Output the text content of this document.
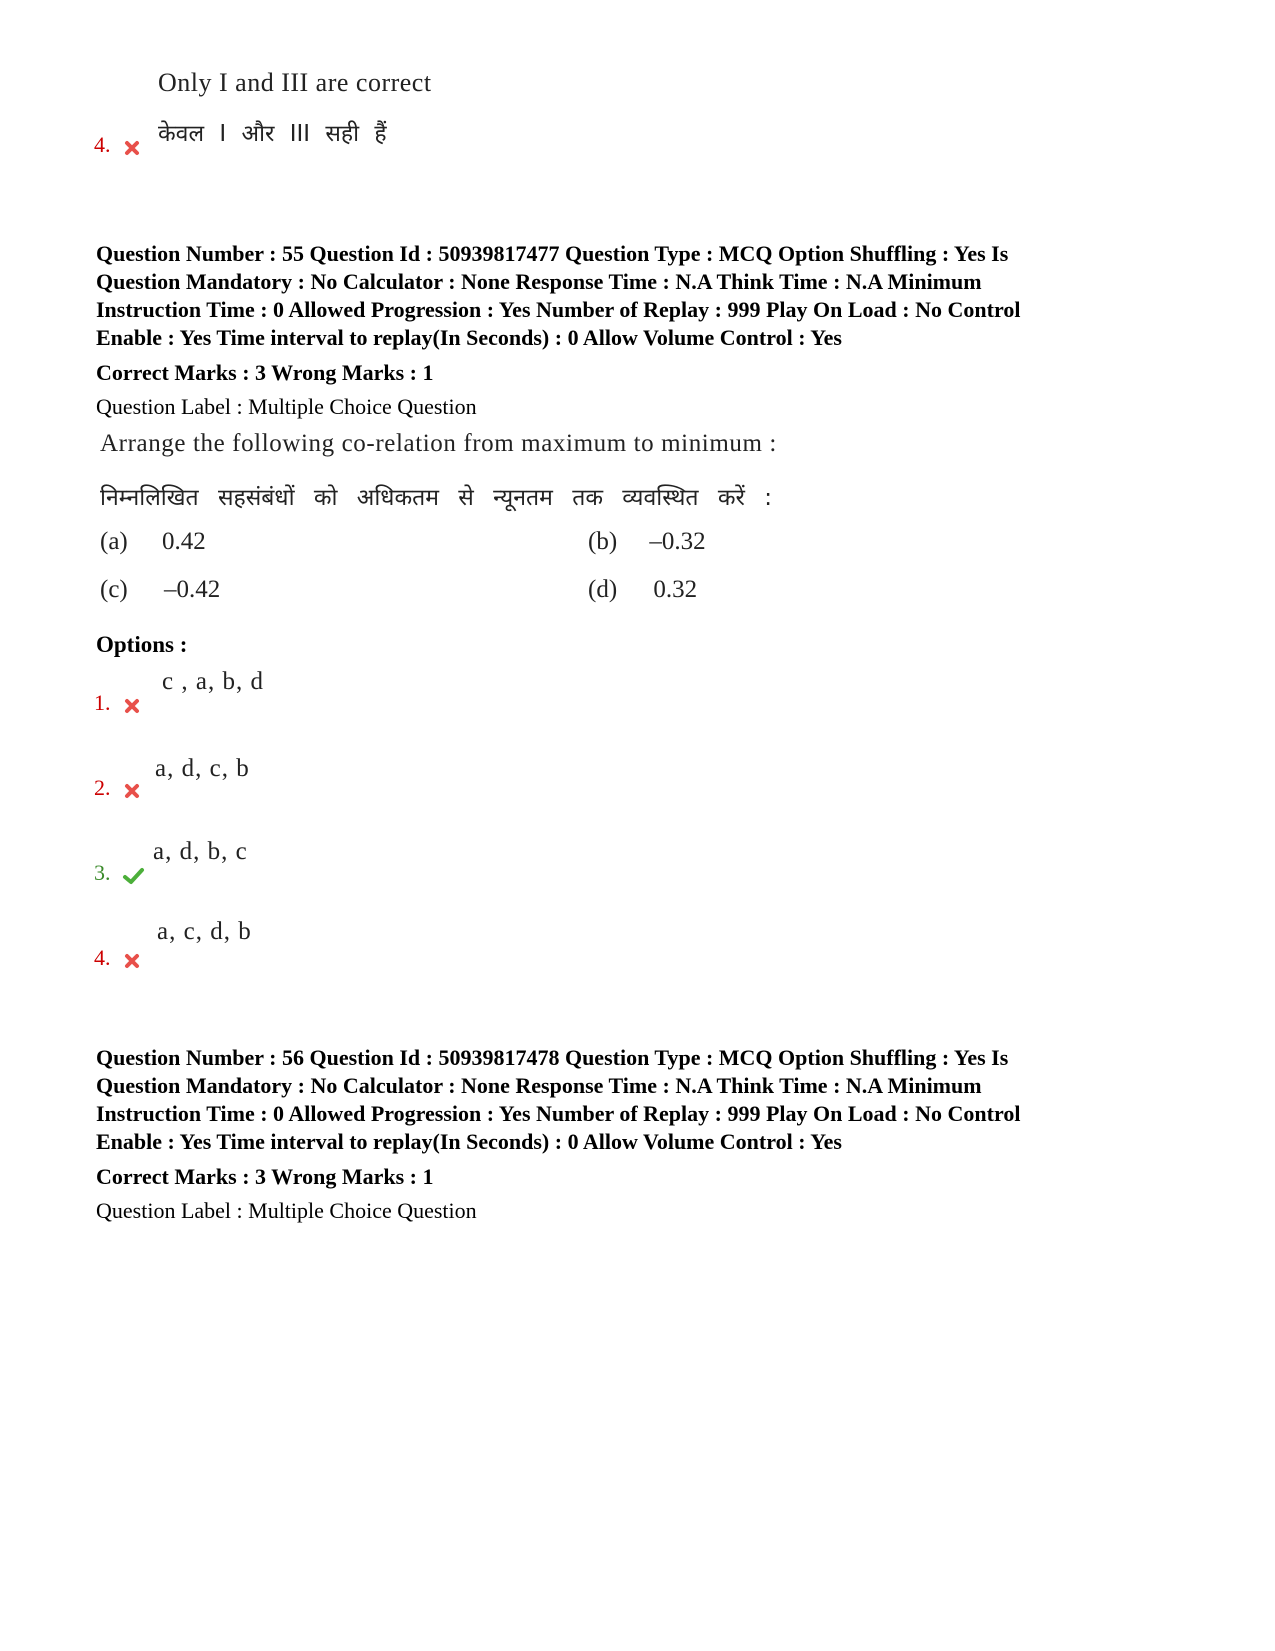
Only I and III are correct
केवल I और III सही हैं
4.
Question Number : 55 Question Id : 50939817477 Question Type : MCQ Option Shuffling : Yes Is
Question Mandatory : No Calculator : None Response Time : N.A Think Time : N.A Minimum
Instruction Time : 0 Allowed Progression : Yes Number of Replay : 999 Play On Load : No Control
Enable : Yes Time interval to replay(In Seconds) : 0 Allow Volume Control : Yes
Correct Marks : 3 Wrong Marks : 1
Question Label : Multiple Choice Question
Arrange the following co-relation from maximum to minimum :
निम्नलिखित सहसंबंधों को अधिकतम से न्यूनतम तक व्यवस्थित करें :
(a) 0.42	(b) –0.32
(c) –0.42	(d) 0.32
Options :
1.
c , a, b, d
2.
a, d, c, b
3.
a, d, b, c
4.
a, c, d, b
Question Number : 56 Question Id : 50939817478 Question Type : MCQ Option Shuffling : Yes Is
Question Mandatory : No Calculator : None Response Time : N.A Think Time : N.A Minimum
Instruction Time : 0 Allowed Progression : Yes Number of Replay : 999 Play On Load : No Control
Enable : Yes Time interval to replay(In Seconds) : 0 Allow Volume Control : Yes
Correct Marks : 3 Wrong Marks : 1
Question Label : Multiple Choice Question
